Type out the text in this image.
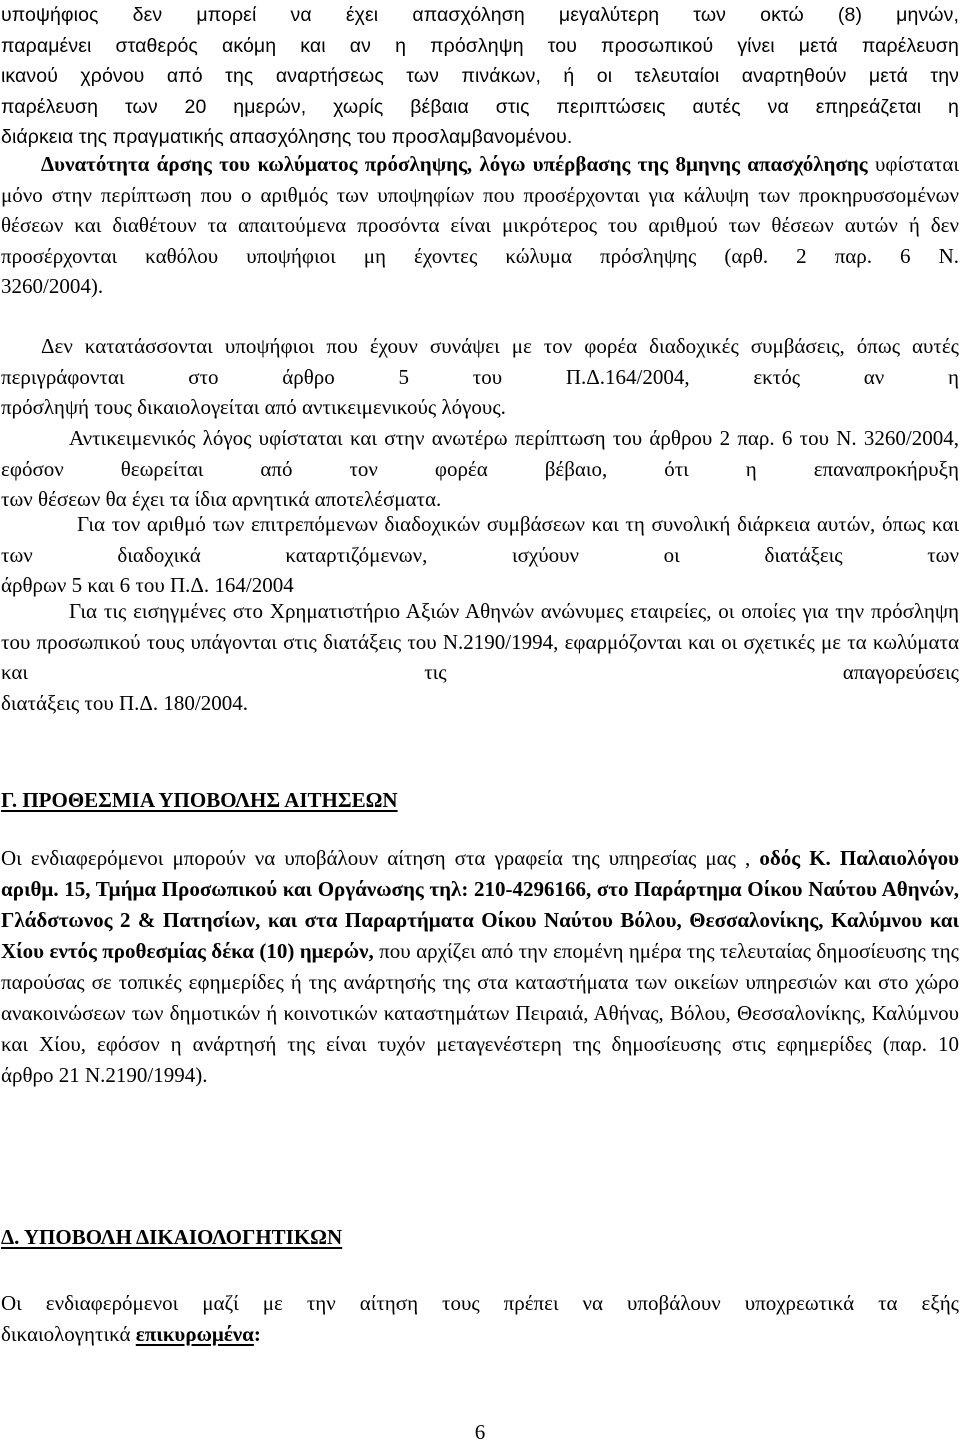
υποψήφιος δεν μπορεί να έχει απασχόληση μεγαλύτερη των οκτώ (8) μηνών,
παραμένει σταθερός ακόμη και αν η πρόσληψη του προσωπικού γίνει μετά παρέλευση
ικανού χρόνου από της αναρτήσεως των πινάκων, ή οι τελευταίοι αναρτηθούν μετά την
παρέλευση των 20 ημερών, χωρίς βέβαια στις περιπτώσεις αυτές να επηρεάζεται η
διάρκεια της πραγματικής απασχόλησης του προσλαμβανομένου.
Δυνατότητα άρσης του κωλύματος πρόσληψης, λόγω υπέρβασης της 8μηνης απασχόλησης υφίσταται μόνο στην περίπτωση που ο αριθμός των υποψηφίων που προσέρχονται για κάλυψη των προκηρυσσομένων θέσεων και διαθέτουν τα απαιτούμενα προσόντα είναι μικρότερος του αριθμού των θέσεων αυτών ή δεν προσέρχονται καθόλου υποψήφιοι μη έχοντες κώλυμα πρόσληψης (αρθ. 2 παρ. 6 Ν.
3260/2004).
Δεν κατατάσσονται υποψήφιοι που έχουν συνάψει με τον φορέα διαδοχικές συμβάσεις, όπως αυτές περιγράφονται στο άρθρο 5 του Π.Δ.164/2004, εκτός αν η
πρόσληψή τους δικαιολογείται από αντικειμενικούς λόγους.
Αντικειμενικός λόγος υφίσταται και στην ανωτέρω περίπτωση του άρθρου 2 παρ. 6 του Ν. 3260/2004, εφόσον θεωρείται από τον φορέα βέβαιο, ότι η επαναπροκήρυξη
των θέσεων θα έχει τα ίδια αρνητικά αποτελέσματα.
Για τον αριθμό των επιτρεπόμενων διαδοχικών συμβάσεων και τη συνολική διάρκεια αυτών, όπως και των διαδοχικά καταρτιζόμενων, ισχύουν οι διατάξεις των
άρθρων 5 και 6 του Π.Δ. 164/2004
Για τις εισηγμένες στο Χρηματιστήριο Αξιών Αθηνών ανώνυμες εταιρείες, οι οποίες για την πρόσληψη του προσωπικού τους υπάγονται στις διατάξεις του Ν.2190/1994, εφαρμόζονται και οι σχετικές με τα κωλύματα και τις απαγορεύσεις
διατάξεις του Π.Δ. 180/2004.
Γ. ΠΡΟΘΕΣΜΙΑ ΥΠΟΒΟΛΗΣ ΑΙΤΗΣΕΩΝ
Οι ενδιαφερόμενοι μπορούν να υποβάλουν αίτηση στα γραφεία της υπηρεσίας μας , οδός Κ. Παλαιολόγου αριθμ. 15, Τμήμα Προσωπικού και Οργάνωσης τηλ: 210-4296166, στο Παράρτημα Οίκου Ναύτου Αθηνών, Γλάδστωνος 2 & Πατησίων, και στα Παραρτήματα Οίκου Ναύτου Βόλου, Θεσσαλονίκης, Καλύμνου και Χίου εντός προθεσμίας δέκα (10) ημερών, που αρχίζει από την επομένη ημέρα της τελευταίας δημοσίευσης της παρούσας σε τοπικές εφημερίδες ή της ανάρτησής της στα καταστήματα των οικείων υπηρεσιών και στο χώρο ανακοινώσεων των δημοτικών ή κοινοτικών καταστημάτων Πειραιά, Αθήνας, Βόλου, Θεσσαλονίκης, Καλύμνου και Χίου, εφόσον η ανάρτησή της είναι τυχόν μεταγενέστερη της δημοσίευσης στις εφημερίδες (παρ. 10
άρθρο 21 Ν.2190/1994).
Δ. ΥΠΟΒΟΛΗ ΔΙΚΑΙΟΛΟΓΗΤΙΚΩΝ
Οι ενδιαφερόμενοι μαζί με την αίτηση τους πρέπει να υποβάλουν υποχρεωτικά τα εξής
δικαιολογητικά επικυρωμένα:
6
